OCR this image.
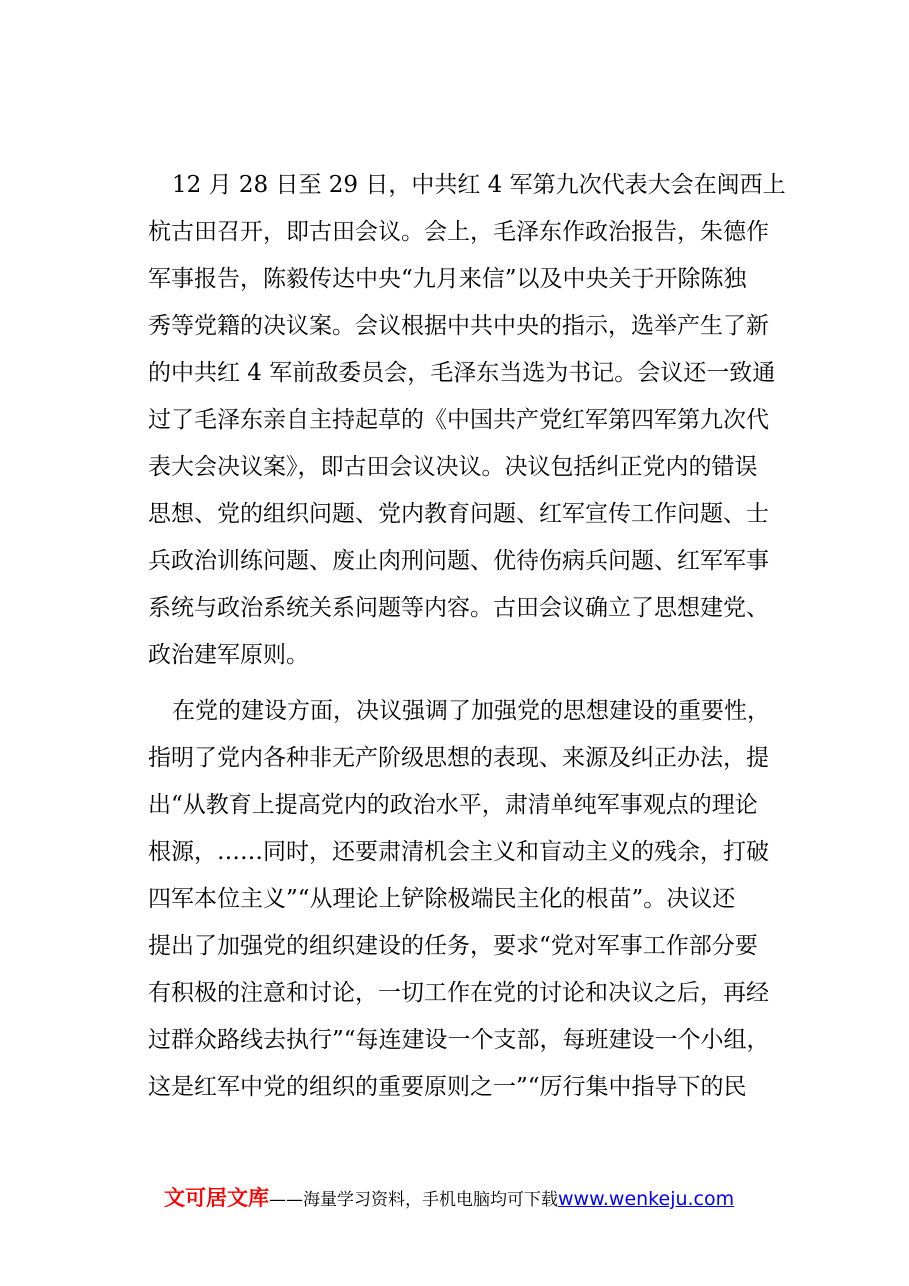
12 月 28 日至 29 日，中共红 4 军第九次代表大会在闽西上
杭古田召开，即古田会议。会上，毛泽东作政治报告，朱德作
军事报告，陈毅传达中央“九月来信”以及中央关于开除陈独
秀等党籍的决议案。会议根据中共中央的指示，选举产生了新
的中共红 4 军前敌委员会，毛泽东当选为书记。会议还一致通
过了毛泽东亲自主持起草的《中国共产党红军第四军第九次代
表大会决议案》，即古田会议决议。决议包括纠正党内的错误
思想、党的组织问题、党内教育问题、红军宣传工作问题、士
兵政治训练问题、废止肉刑问题、优待伤病兵问题、红军军事
系统与政治系统关系问题等内容。古田会议确立了思想建党、
政治建军原则。
在党的建设方面，决议强调了加强党的思想建设的重要性，
指明了党内各种非无产阶级思想的表现、来源及纠正办法，提
出“从教育上提高党内的政治水平，肃清单纯军事观点的理论
根源，……同时，还要肃清机会主义和盲动主义的残余，打破
四军本位主义”“从理论上铲除极端民主化的根苗”。决议还
提出了加强党的组织建设的任务，要求“党对军事工作部分要
有积极的注意和讨论，一切工作在党的讨论和决议之后，再经
过群众路线去执行”“每连建设一个支部，每班建设一个小组，
这是红军中党的组织的重要原则之一”“厉行集中指导下的民
文可居文库——海量学习资料，手机电脑均可下载www.wenkeju.com
